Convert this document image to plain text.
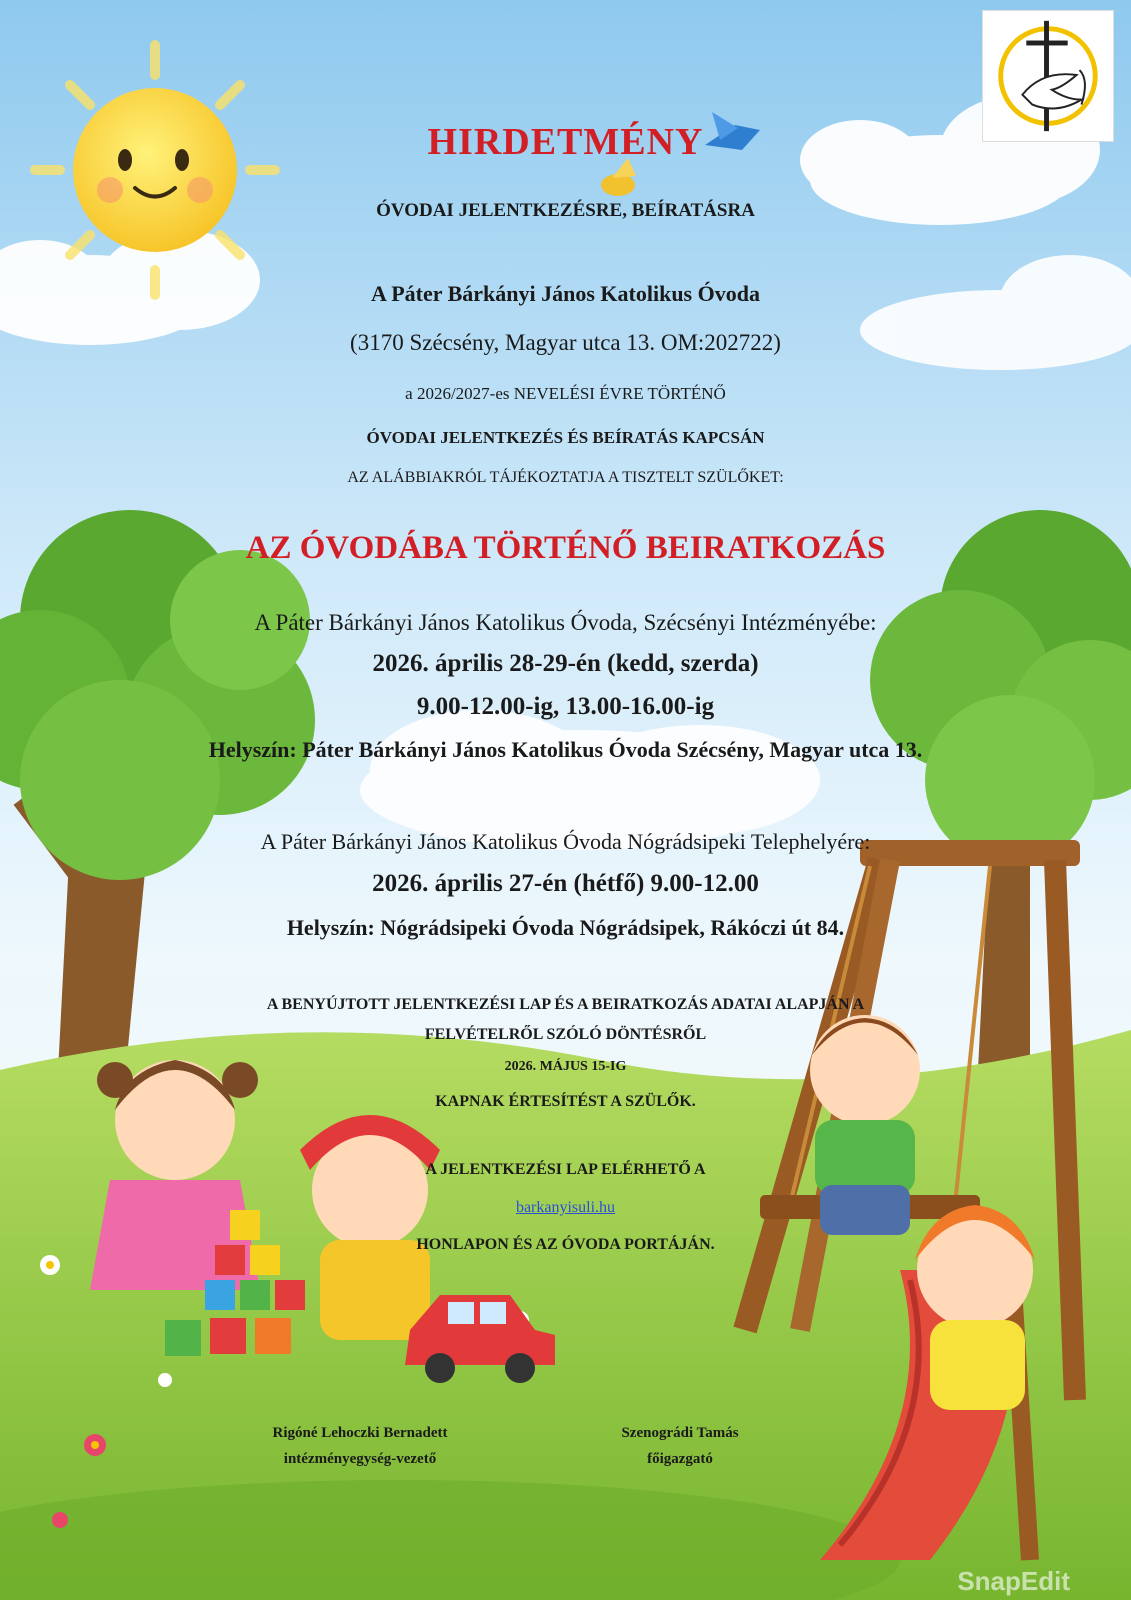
SnapEdit
HIRDETMÉNY
ÓVODAI JELENTKEZÉSRE, BEÍRATÁSRA
A Páter Bárkányi János Katolikus Óvoda
(3170 Szécsény, Magyar utca 13. OM:202722)
a 2026/2027-es NEVELÉSI ÉVRE TÖRTÉNŐ
ÓVODAI JELENTKEZÉS ÉS BEÍRATÁS KAPCSÁN
AZ ALÁBBIAKRÓL TÁJÉKOZTATJA A TISZTELT SZÜLŐKET:
AZ ÓVODÁBA TÖRTÉNŐ BEIRATKOZÁS
A Páter Bárkányi János Katolikus Óvoda, Szécsényi Intézményébe:
2026. április 28-29-én (kedd, szerda)
9.00-12.00-ig, 13.00-16.00-ig
Helyszín: Páter Bárkányi János Katolikus Óvoda Szécsény, Magyar utca 13.
A Páter Bárkányi János Katolikus Óvoda Nógrádsipeki Telephelyére:
2026. április 27-én (hétfő) 9.00-12.00
Helyszín: Nógrádsipeki Óvoda Nógrádsipek, Rákóczi út 84.
A BENYÚJTOTT JELENTKEZÉSI LAP ÉS A BEIRATKOZÁS ADATAI ALAPJÁN A
FELVÉTELRŐL SZÓLÓ DÖNTÉSRŐL
2026. MÁJUS 15-IG
KAPNAK ÉRTESÍTÉST A SZÜLŐK.
A JELENTKEZÉSI LAP ELÉRHETŐ A
barkanyisuli.hu
HONLAPON ÉS AZ ÓVODA PORTÁJÁN.
Rigóné Lehoczki Bernadett
intézményegység-vezető
Szenográdi Tamás
főigazgató
